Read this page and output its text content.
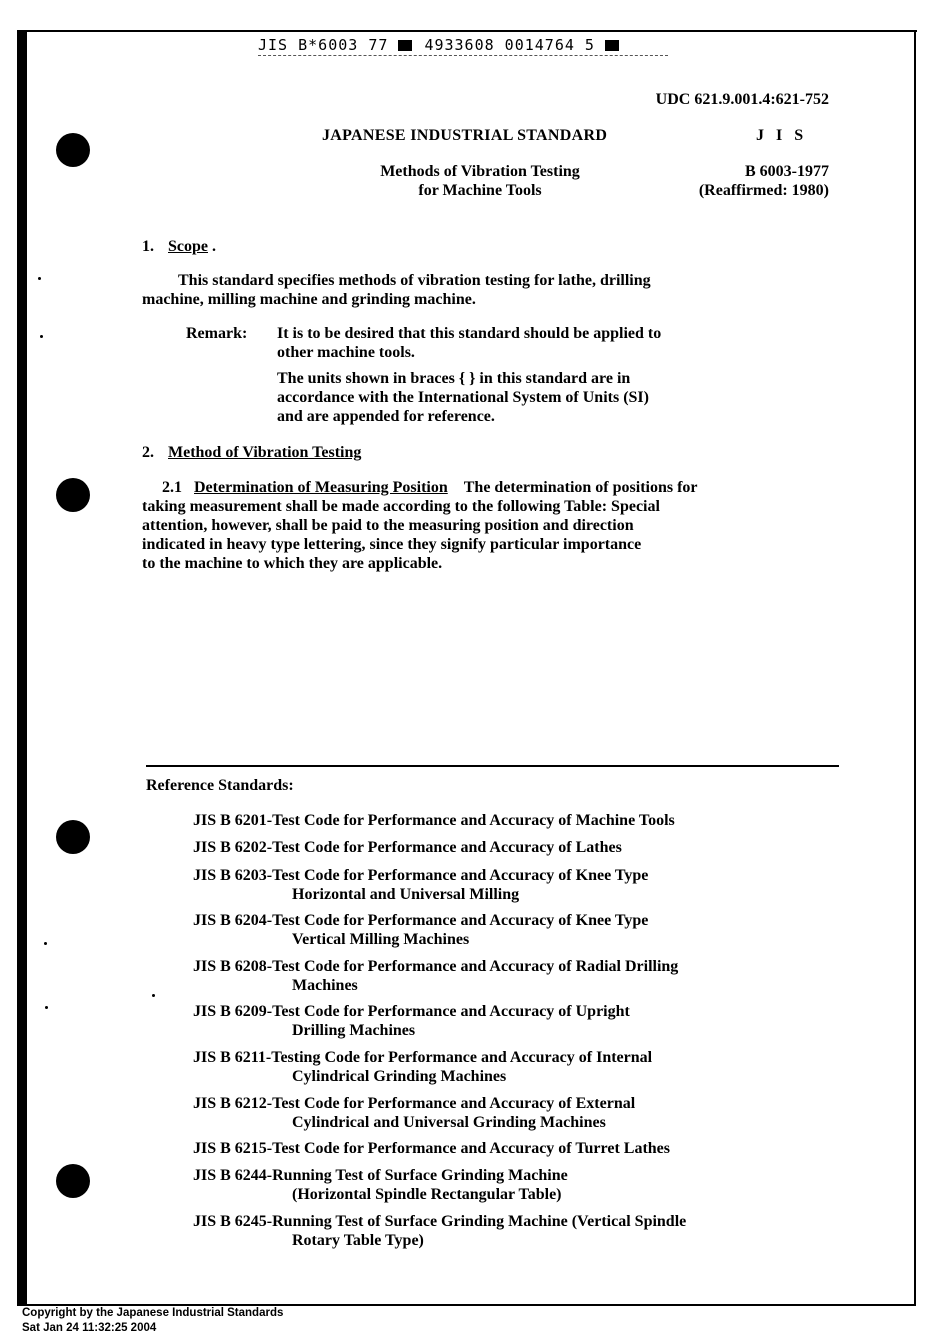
JIS B*6003 77 4933608 0014764 5
UDC 621.9.001.4:621-752
JAPANESE INDUSTRIAL STANDARD	J I S
Methods of Vibration Testing
for Machine Tools
B 6003-1977
(Reaffirmed: 1980)
1. Scope .
This standard specifies methods of vibration testing for lathe, drilling
machine, milling machine and grinding machine.
Remark: It is to be desired that this standard should be applied to
other machine tools.
The units shown in braces { } in this standard are in
accordance with the International System of Units (SI)
and are appended for reference.
2. Method of Vibration Testing
2.1 Determination of Measuring Position The determination of positions for
taking measurement shall be made according to the following Table: Special
attention, however, shall be paid to the measuring position and direction
indicated in heavy type lettering, since they signify particular importance
to the machine to which they are applicable.
Reference Standards:
JIS B 6201-Test Code for Performance and Accuracy of Machine Tools
JIS B 6202-Test Code for Performance and Accuracy of Lathes
JIS B 6203-Test Code for Performance and Accuracy of Knee Type
Horizontal and Universal Milling
JIS B 6204-Test Code for Performance and Accuracy of Knee Type
Vertical Milling Machines
JIS B 6208-Test Code for Performance and Accuracy of Radial Drilling
Machines
JIS B 6209-Test Code for Performance and Accuracy of Upright
Drilling Machines
JIS B 6211-Testing Code for Performance and Accuracy of Internal
Cylindrical Grinding Machines
JIS B 6212-Test Code for Performance and Accuracy of External
Cylindrical and Universal Grinding Machines
JIS B 6215-Test Code for Performance and Accuracy of Turret Lathes
JIS B 6244-Running Test of Surface Grinding Machine
(Horizontal Spindle Rectangular Table)
JIS B 6245-Running Test of Surface Grinding Machine (Vertical Spindle
Rotary Table Type)
Copyright by the Japanese Industrial Standards
Sat Jan 24 11:32:25 2004
